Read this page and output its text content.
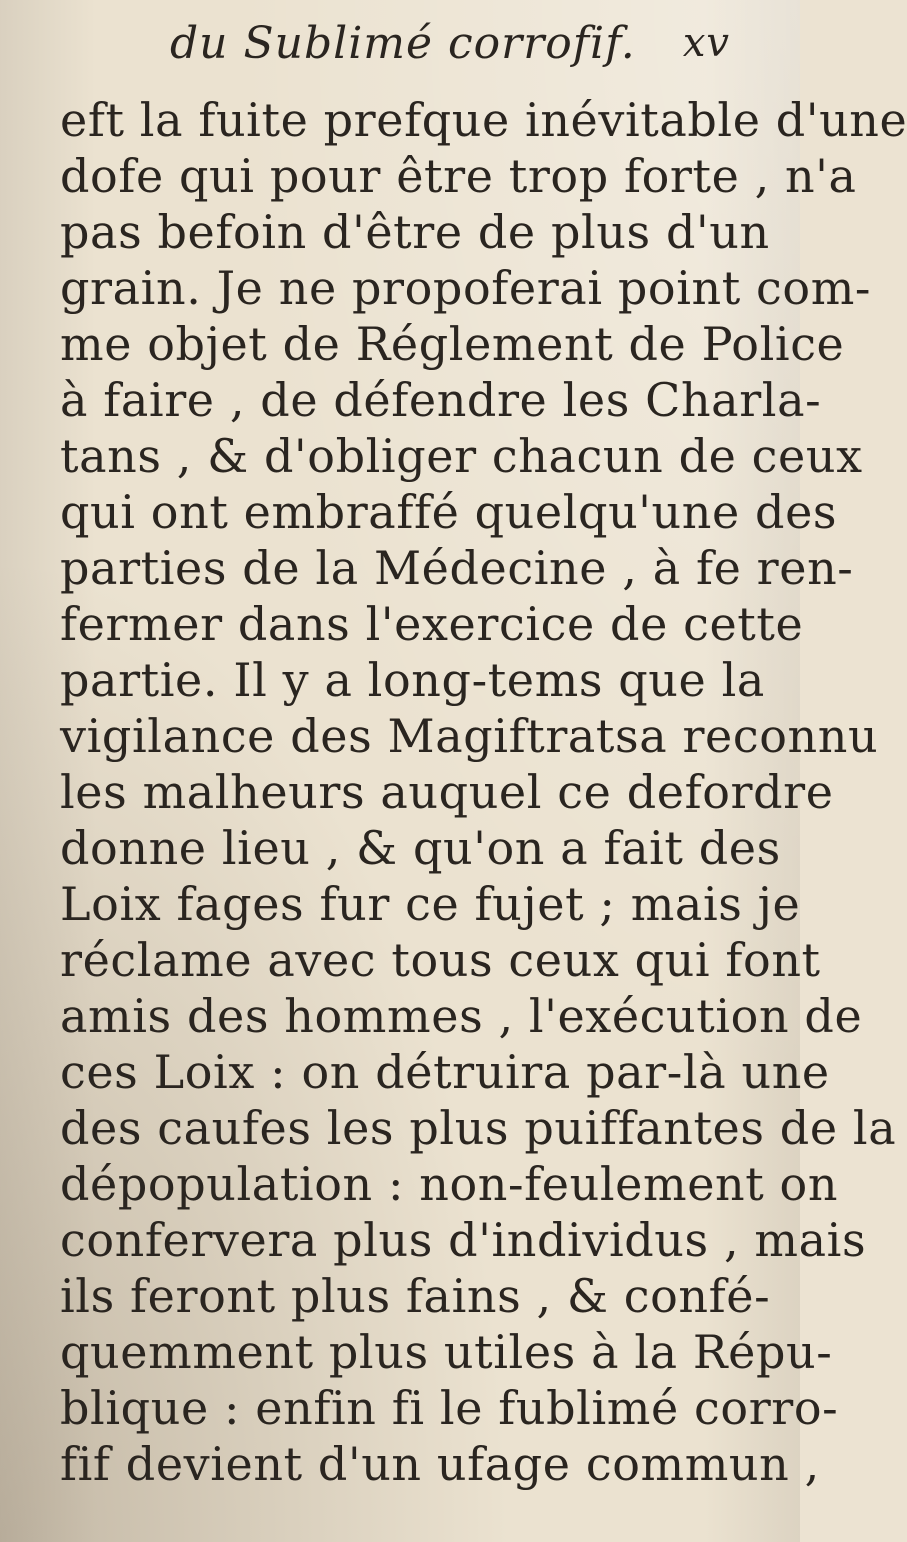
du Sublimé corrofif. xv
eft la fuite prefque inévitable d'une
dofe qui pour être trop forte , n'a
pas befoin d'être de plus d'un
grain. Je ne propoferai point com-
me objet de Réglement de Police
à faire , de défendre les Charla-
tans , & d'obliger chacun de ceux
qui ont embraffé quelqu'une des
parties de la Médecine , à fe ren-
fermer dans l'exercice de cette
partie. Il y a long-tems que la
vigilance des Magiftratsa reconnu
les malheurs auquel ce defordre
donne lieu , & qu'on a fait des
Loix fages fur ce fujet ; mais je
réclame avec tous ceux qui font
amis des hommes , l'exécution de
ces Loix : on détruira par-là une
des caufes les plus puiffantes de la
dépopulation : non-feulement on
confervera plus d'individus , mais
ils feront plus fains , & confé-
quemment plus utiles à la Répu-
blique : enfin fi le fublimé corro-
fif devient d'un ufage commun ,
